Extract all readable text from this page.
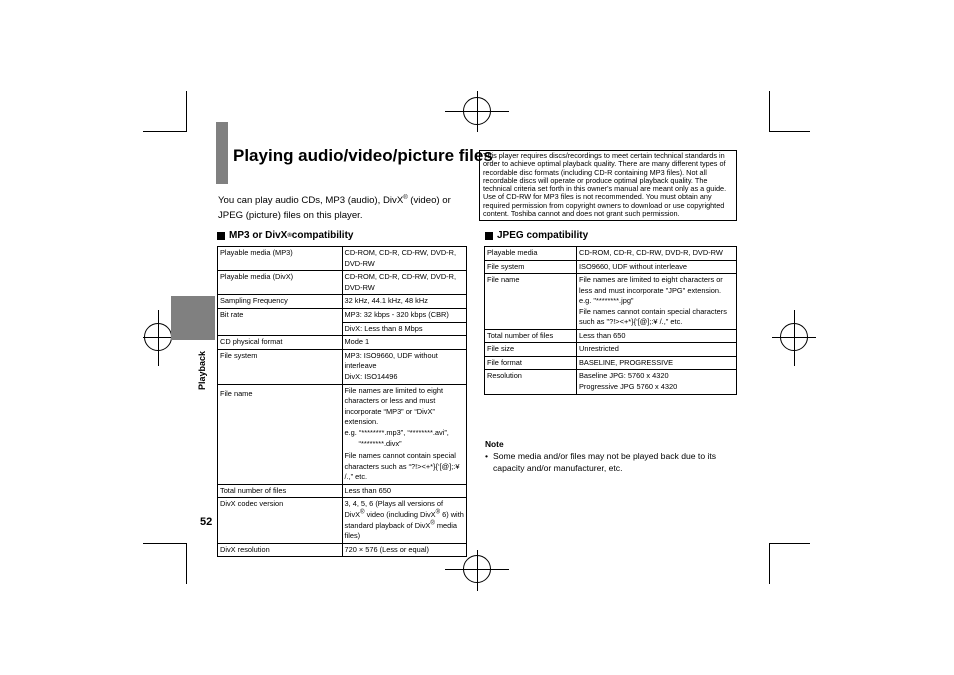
Playback
Playing audio/video/picture files
You can play audio CDs, MP3 (audio), DivX® (video) or JPEG (picture) files on this player.
This player requires discs/recordings to meet certain technical standards in order to achieve optimal playback quality. There are many different types of recordable disc formats (including CD-R containing MP3 files). Not all recordable discs will operate or produce optimal playback quality. The technical criteria set forth in this owner's manual are meant only as a guide. Use of CD-RW for MP3 files is not recommended. You must obtain any required permission from copyright owners to download or use copyrighted content. Toshiba cannot and does not grant such permission.
MP3 or DivX ® compatibility
Playable media (MP3)	CD-ROM, CD-R, CD-RW, DVD-R, DVD-RW
Playable media (DivX)	CD-ROM, CD-R, CD-RW, DVD-R, DVD-RW
Sampling Frequency	32 kHz, 44.1 kHz, 48 kHz
Bit rate	MP3: 32 kbps - 320 kbps (CBR)
	DivX: Less than 8 Mbps
CD physical format	Mode 1
File system	MP3: ISO9660, UDF without interleave
DivX: ISO14496

File name	File names are limited to eight characters or less and must incorporate “MP3” or “DivX” extension.
e.g. “********.mp3”, “********.avi”,
“********.divx”
File names cannot contain special characters such as “?!><+*}{‘[@];:¥ /.,” etc.

Total number of files	Less than 650
DivX codec version	3, 4, 5, 6 (Plays all versions of DivX® video (including DivX® 6) with standard playback of DivX® media files)
DivX resolution	720 × 576 (Less or equal)
JPEG compatibility
Playable media	CD-ROM, CD-R, CD-RW, DVD-R, DVD-RW
File system	ISO9660, UDF without interleave
File name	File names are limited to eight characters or less and must incorporate "JPG" extension.
e.g. "********.jpg"
File names cannot contain special characters such as "?!><+*}{‘[@];:¥ /.," etc.

Total number of files	Less than 650
File size	Unrestricted
File format	BASELINE, PROGRESSIVE
Resolution	Baseline JPG: 5760 x 4320
Progressive JPG 5760 x 4320
Note
• Some media and/or files may not be played back due to its capacity and/or manufacturer, etc.
52
